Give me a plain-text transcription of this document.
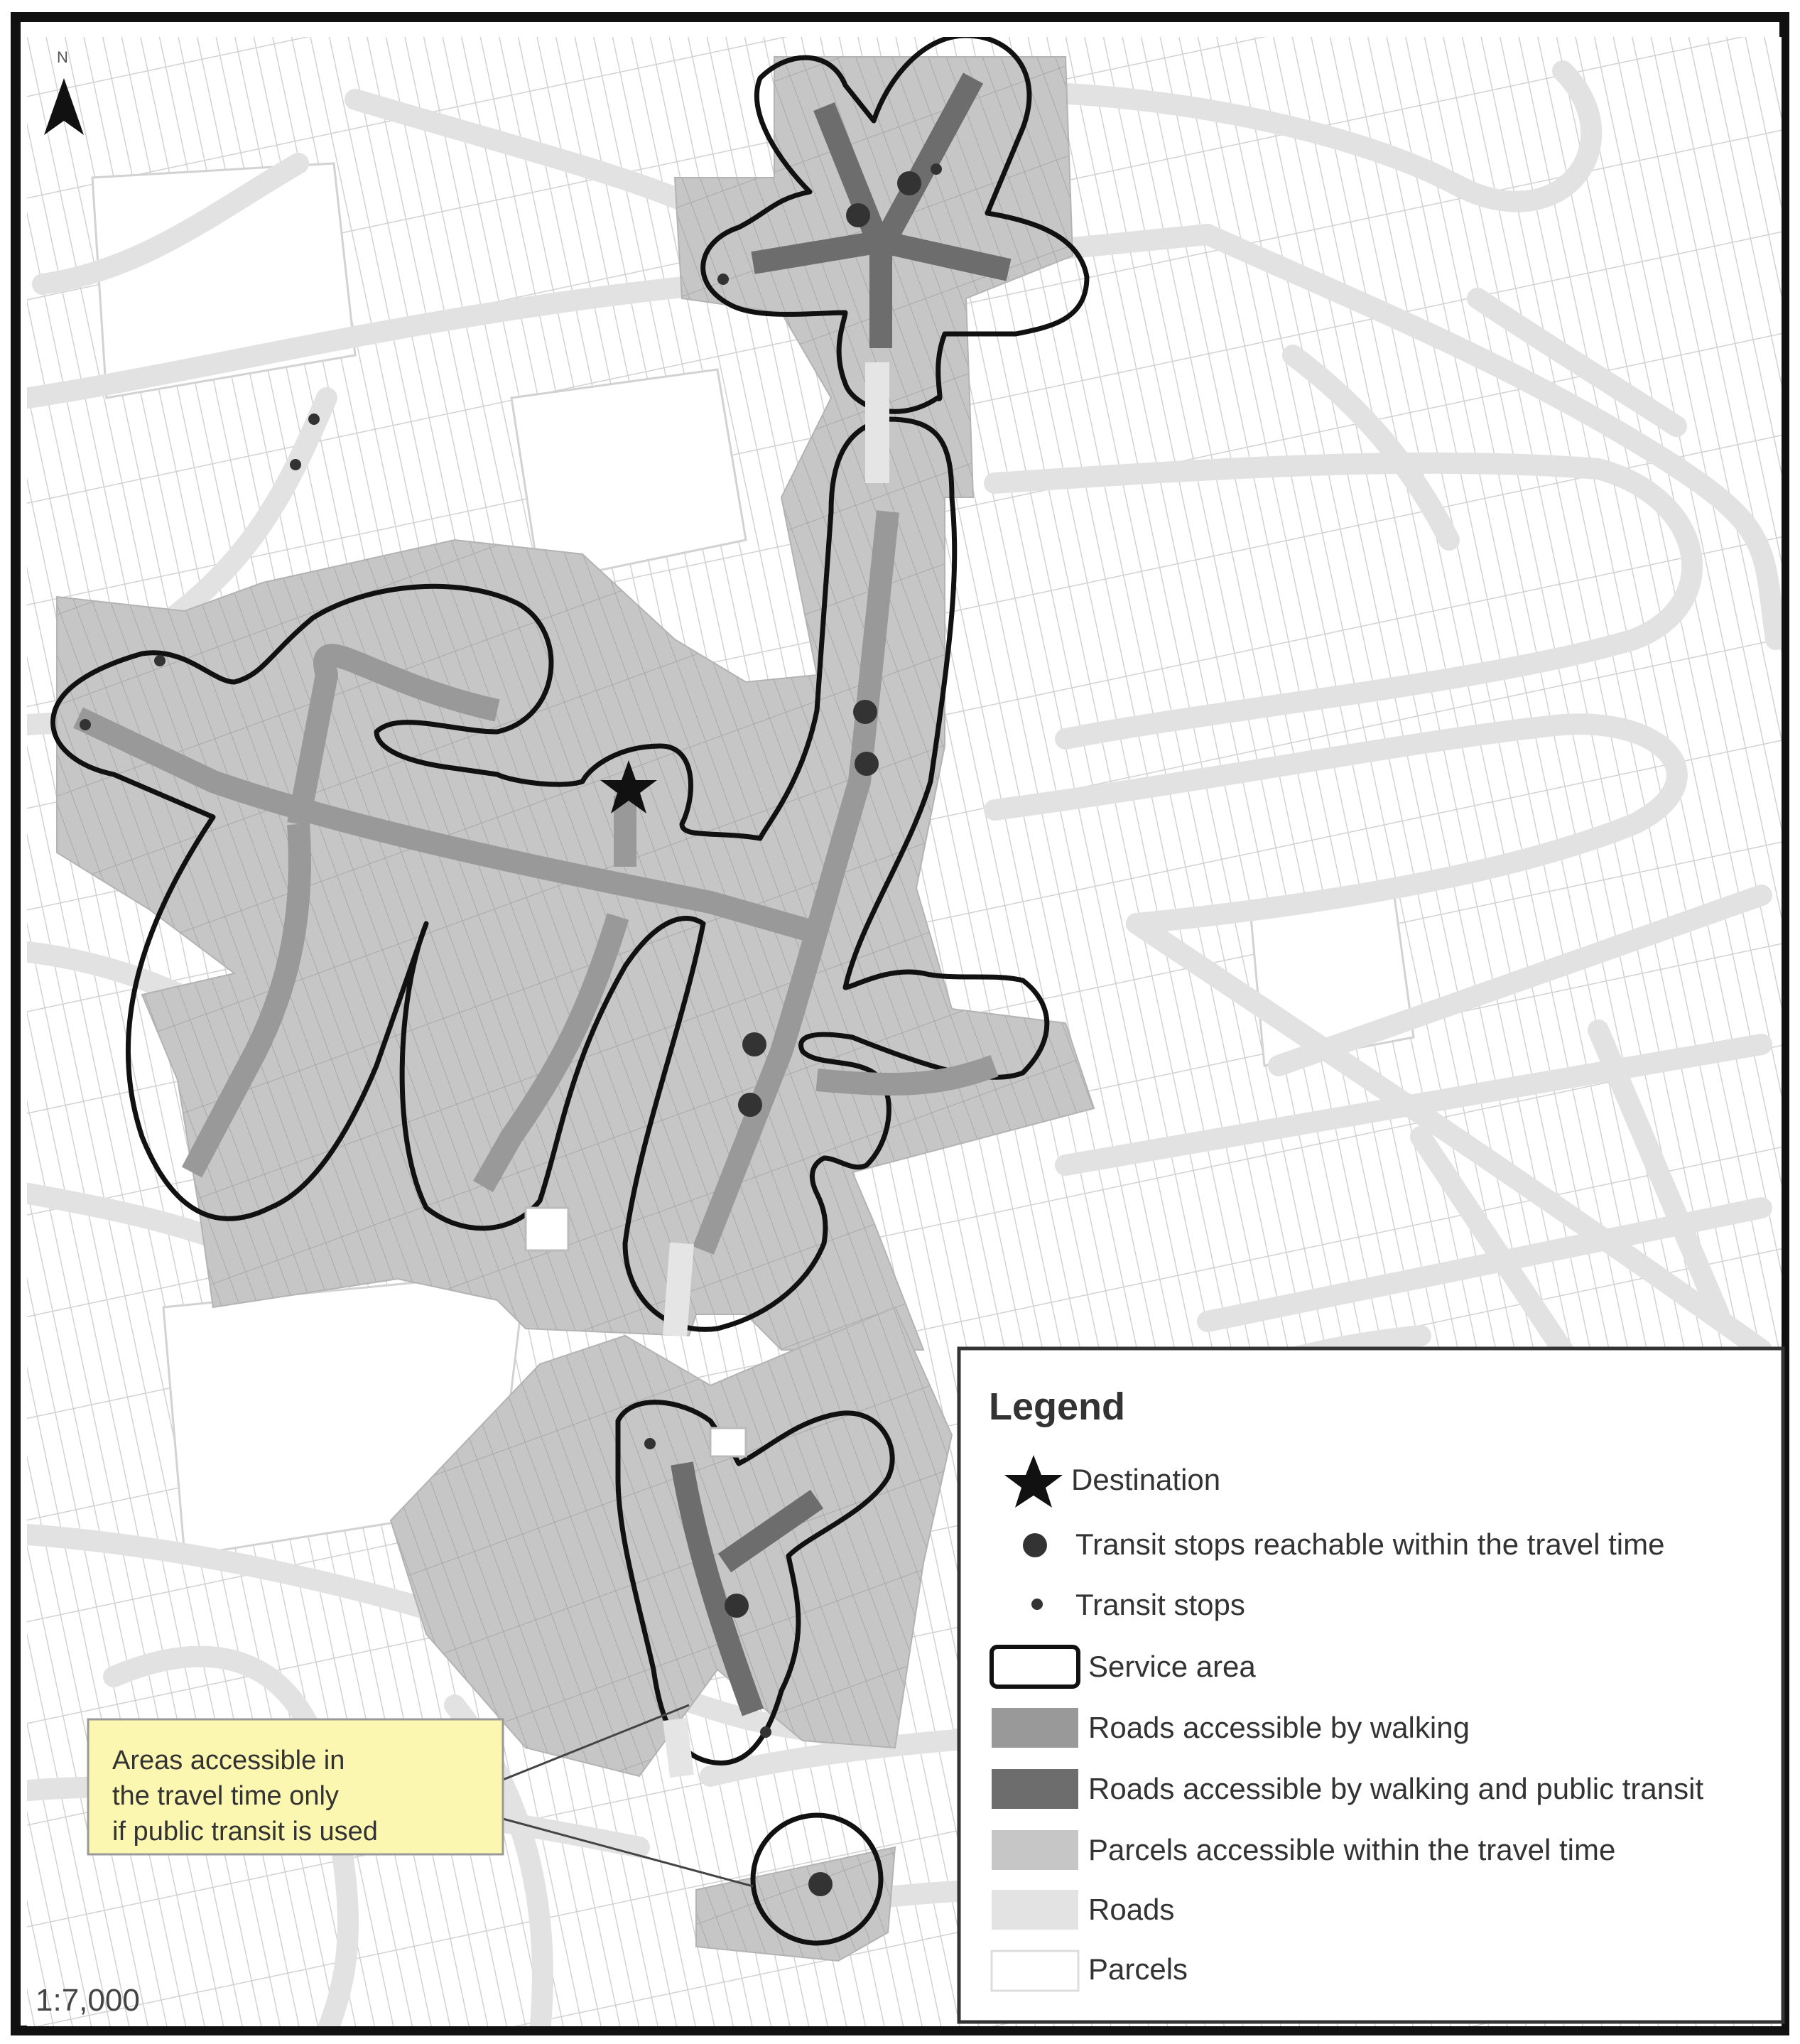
N
1:7,000
Areas accessible in
the travel time only
if public transit is used
Legend
Destination
Transit stops reachable within the travel time
Transit stops
Service area
Roads accessible by walking
Roads accessible by walking and public transit
Parcels accessible within the travel time
Roads
Parcels
